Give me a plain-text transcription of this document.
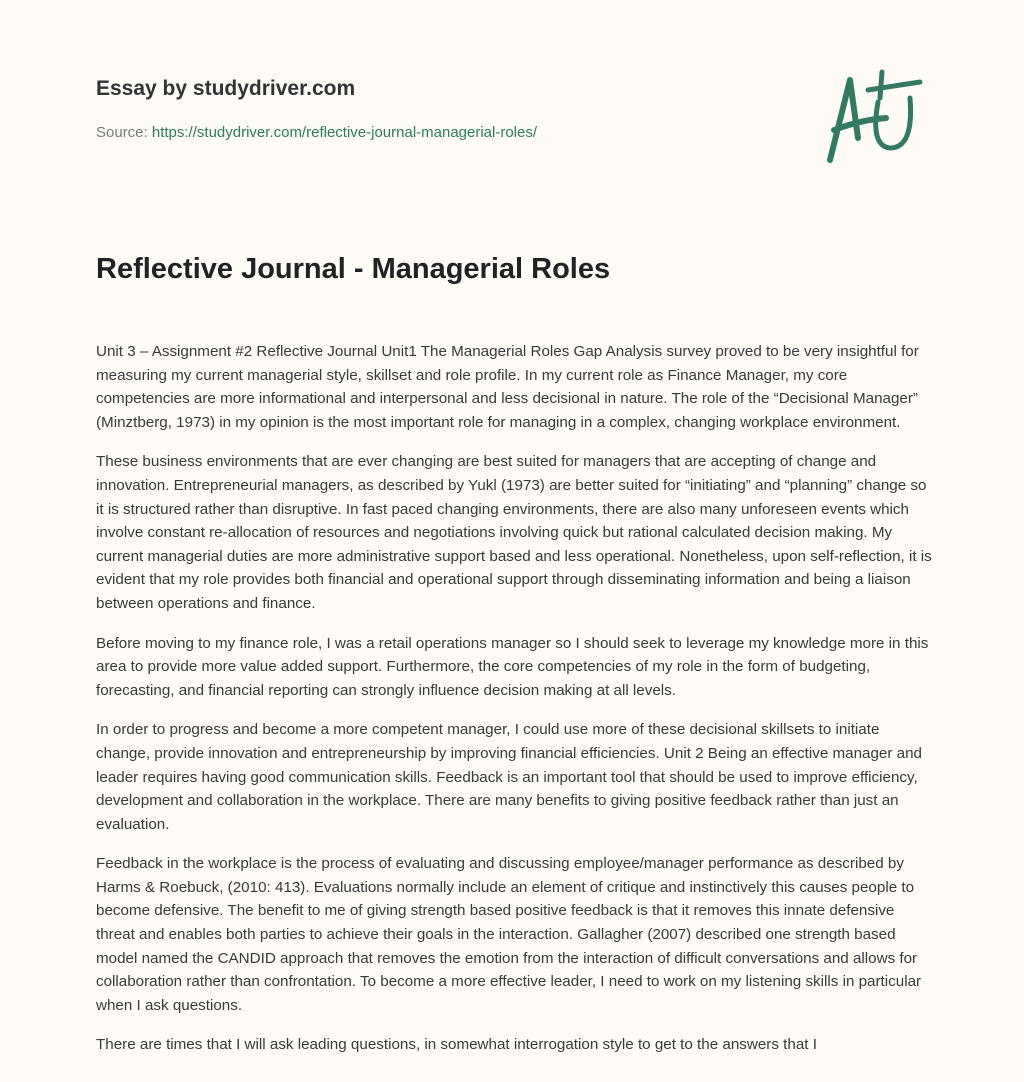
Essay by studydriver.com
Source: https://studydriver.com/reflective-journal-managerial-roles/
Reflective Journal - Managerial Roles

Unit 3 – Assignment #2 Reflective Journal Unit1 The Managerial Roles Gap Analysis survey proved to be very insightful for measuring my current managerial style, skillset and role profile. In my current role as Finance Manager, my core competencies are more informational and interpersonal and less decisional in nature. The role of the “Decisional Manager” (Minztberg, 1973) in my opinion is the most important role for managing in a complex, changing workplace environment.

These business environments that are ever changing are best suited for managers that are accepting of change and innovation. Entrepreneurial managers, as described by Yukl (1973) are better suited for “initiating” and “planning” change so it is structured rather than disruptive. In fast paced changing environments, there are also many unforeseen events which involve constant re-allocation of resources and negotiations involving quick but rational calculated decision making. My current managerial duties are more administrative support based and less operational. Nonetheless, upon self-reflection, it is evident that my role provides both financial and operational support through disseminating information and being a liaison between operations and finance.

Before moving to my finance role, I was a retail operations manager so I should seek to leverage my knowledge more in this area to provide more value added support. Furthermore, the core competencies of my role in the form of budgeting, forecasting, and financial reporting can strongly influence decision making at all levels.

In order to progress and become a more competent manager, I could use more of these decisional skillsets to initiate change, provide innovation and entrepreneurship by improving financial efficiencies. Unit 2 Being an effective manager and leader requires having good communication skills. Feedback is an important tool that should be used to improve efficiency, development and collaboration in the workplace. There are many benefits to giving positive feedback rather than just an evaluation.

Feedback in the workplace is the process of evaluating and discussing employee/manager performance as described by Harms & Roebuck, (2010: 413). Evaluations normally include an element of critique and instinctively this causes people to become defensive. The benefit to me of giving strength based positive feedback is that it removes this innate defensive threat and enables both parties to achieve their goals in the interaction. Gallagher (2007) described one strength based model named the CANDID approach that removes the emotion from the interaction of difficult conversations and allows for collaboration rather than confrontation. To become a more effective leader, I need to work on my listening skills in particular when I ask questions.

There are times that I will ask leading questions, in somewhat interrogation style to get to the answers that I
